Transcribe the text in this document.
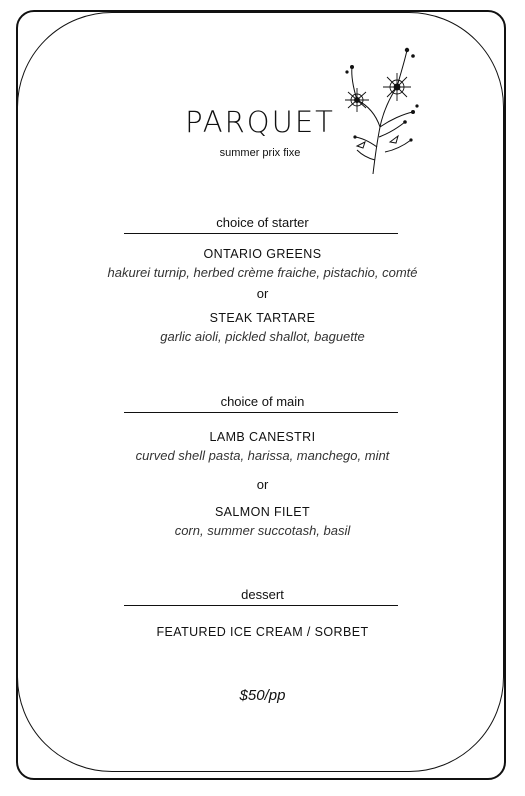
PARQUET
summer prix fixe
choice of starter
ONTARIO GREENS
hakurei turnip, herbed crème fraiche, pistachio, comté
or
STEAK TARTARE
garlic aioli, pickled shallot, baguette
choice of main
LAMB CANESTRI
curved shell pasta, harissa, manchego, mint
or
SALMON FILET
corn, summer succotash, basil
dessert
FEATURED ICE CREAM / SORBET
$50/pp
